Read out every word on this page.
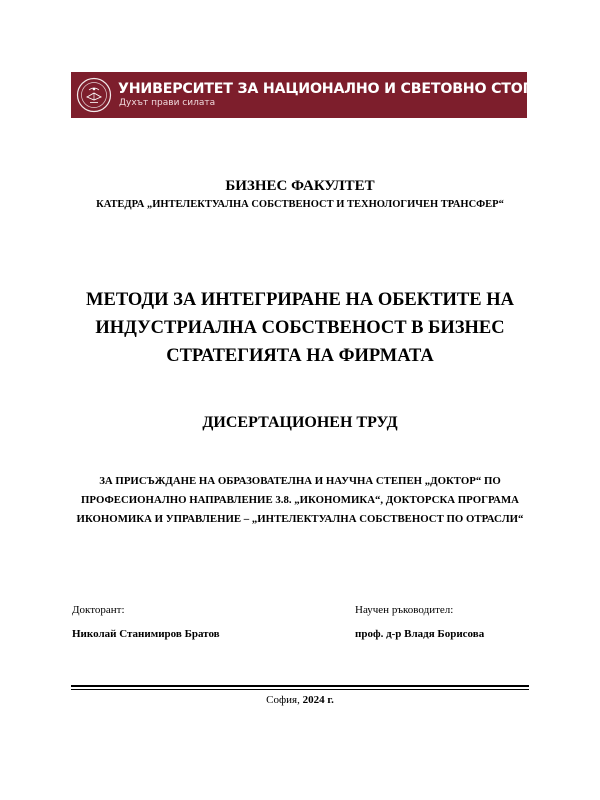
УНИВЕРСИТЕТ ЗА НАЦИОНАЛНО И СВЕТОВНО СТОПАНСТВО
Духът прави силата
БИЗНЕС ФАКУЛТЕТ
КАТЕДРА „ИНТЕЛЕКТУАЛНА СОБСТВЕНОСТ И ТЕХНОЛОГИЧЕН ТРАНСФЕР“
МЕТОДИ ЗА ИНТЕГРИРАНЕ НА ОБЕКТИТЕ НА ИНДУСТРИАЛНА СОБСТВЕНОСТ В БИЗНЕС СТРАТЕГИЯТА НА ФИРМАТА
ДИСЕРТАЦИОНЕН ТРУД
ЗА ПРИСЪЖДАНЕ НА ОБРАЗОВАТЕЛНА И НАУЧНА СТЕПЕН „ДОКТОР“ ПО ПРОФЕСИОНАЛНО НАПРАВЛЕНИЕ 3.8. „ИКОНОМИКА“, ДОКТОРСКА ПРОГРАМА ИКОНОМИКА И УПРАВЛЕНИЕ – „ИНТЕЛЕКТУАЛНА СОБСТВЕНОСТ ПО ОТРАСЛИ“
Докторант:
Николай Станимиров Братов
Научен ръководител:
проф. д-р Владя Борисова
София, 2024 г.
